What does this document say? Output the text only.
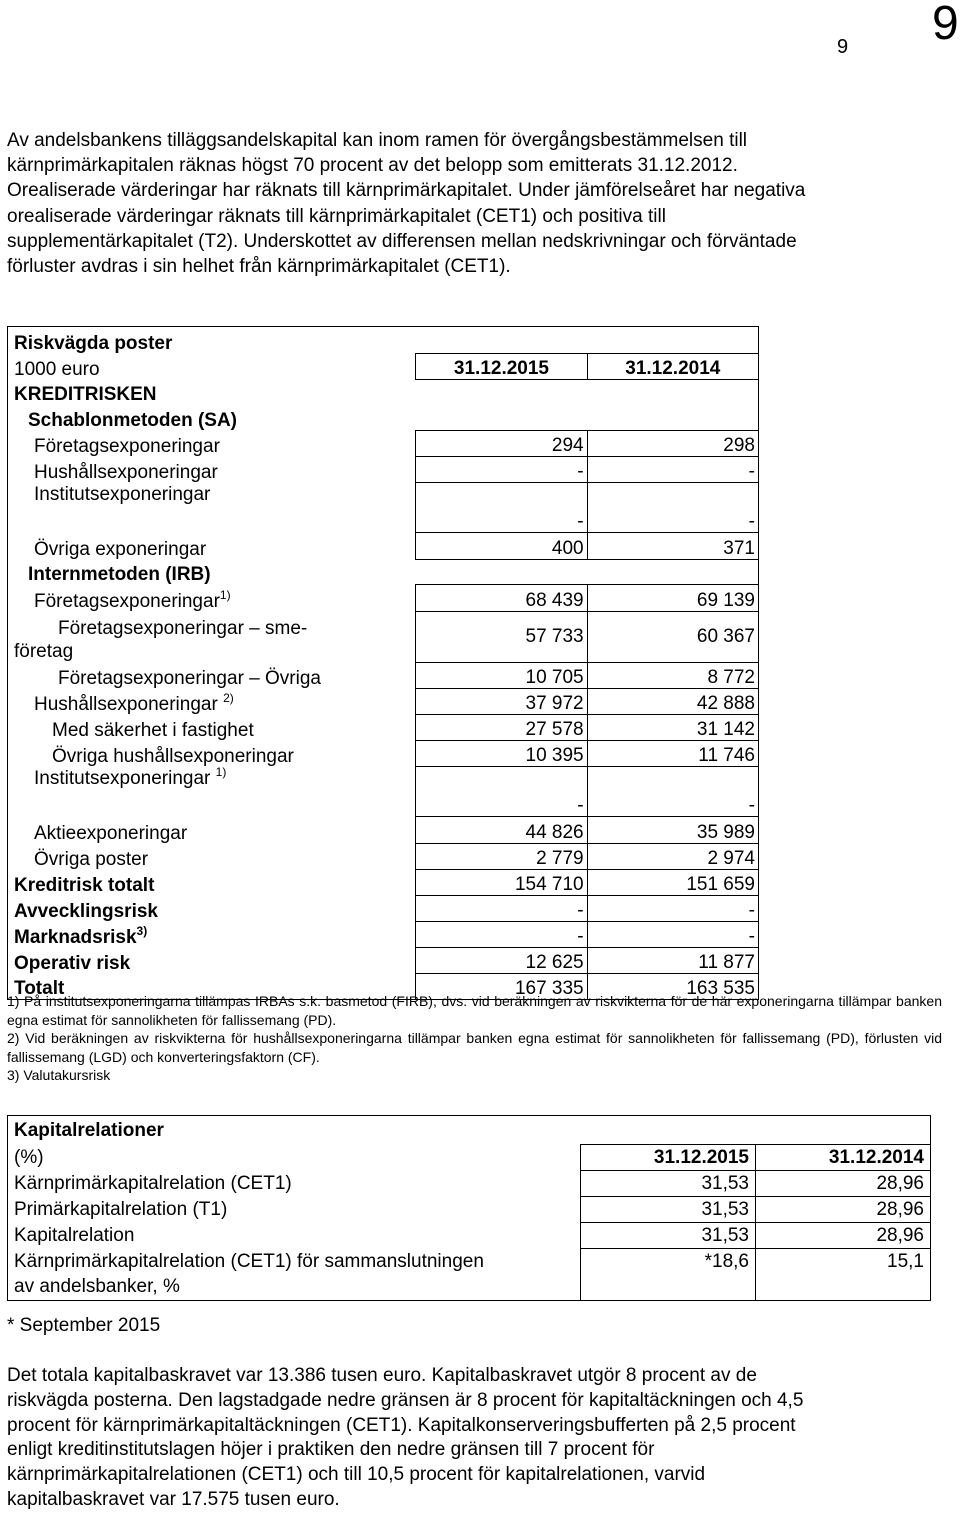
9 9

Av andelsbankens tilläggsandelskapital kan inom ramen för övergångsbestämmelsen till
kärnprimärkapitalen räknas högst 70 procent av det belopp som emitterats 31.12.2012.
Orealiserade värderingar har räknats till kärnprimärkapitalet. Under jämförelseåret har negativa
orealiserade värderingar räknats till kärnprimärkapitalet (CET1) och positiva till
supplementärkapitalet (T2). Underskottet av differensen mellan nedskrivningar och förväntade
förluster avdras i sin helhet från kärnprimärkapitalet (CET1).

Riskvägda poster		
1000 euro	31.12.2015	31.12.2014
KREDITRISKEN		
Schablonmetoden (SA)		
Företagsexponeringar	294	298
Hushållsexponeringar	-	-
Institutsexponeringar	-	-
Övriga exponeringar	400	371
Internmetoden (IRB)		
Företagsexponeringar$^{1)}$	68 439	69 139

Företagsexponeringar – sme-
företag	57 733	60 367
Företagsexponeringar – Övriga	10 705	8 772
Hushållsexponeringar $^{2)}$	37 972	42 888
Med säkerhet i fastighet	27 578	31 142
Övriga hushållsexponeringar	10 395	11 746
Institutsexponeringar $^{1)}$	-	-
Aktieexponeringar	44 826	35 989
Övriga poster	2 779	2 974
Kreditrisk totalt	154 710	151 659
Avvecklingsrisk	-	-
Marknadsrisk$^{3)}$	-	-
Operativ risk	12 625	11 877
Totalt	167 335	163 535

1) På institutsexponeringarna tillämpas IRBAs s.k. basmetod (FIRB), dvs. vid beräkningen av riskvikterna för de här exponeringarna tillämpar banken egna estimat för sannolikheten för fallissemang (PD).

2) Vid beräkningen av riskvikterna för hushållsexponeringarna tillämpar banken egna estimat för sannolikheten för fallissemang (PD), förlusten vid fallissemang (LGD) och konverteringsfaktorn (CF).

3) Valutakursrisk

Kapitalrelationer		
(%)	31.12.2015	31.12.2014
Kärnprimärkapitalrelation (CET1)	31,53	28,96
Primärkapitalrelation (T1)	31,53	28,96
Kapitalrelation	31,53	28,96

Kärnprimärkapitalrelation (CET1) för sammanslutningen
av andelsbanker, %	*18,6	15,1
* September 2015

Det totala kapitalbaskravet var 13.386 tusen euro. Kapitalbaskravet utgör 8 procent av de
riskvägda posterna. Den lagstadgade nedre gränsen är 8 procent för kapitaltäckningen och 4,5
procent för kärnprimärkapitaltäckningen (CET1). Kapitalkonserveringsbufferten på 2,5 procent
enligt kreditinstitutslagen höjer i praktiken den nedre gränsen till 7 procent för
kärnprimärkapitalrelationen (CET1) och till 10,5 procent för kapitalrelationen, varvid
kapitalbaskravet var 17.575 tusen euro.
